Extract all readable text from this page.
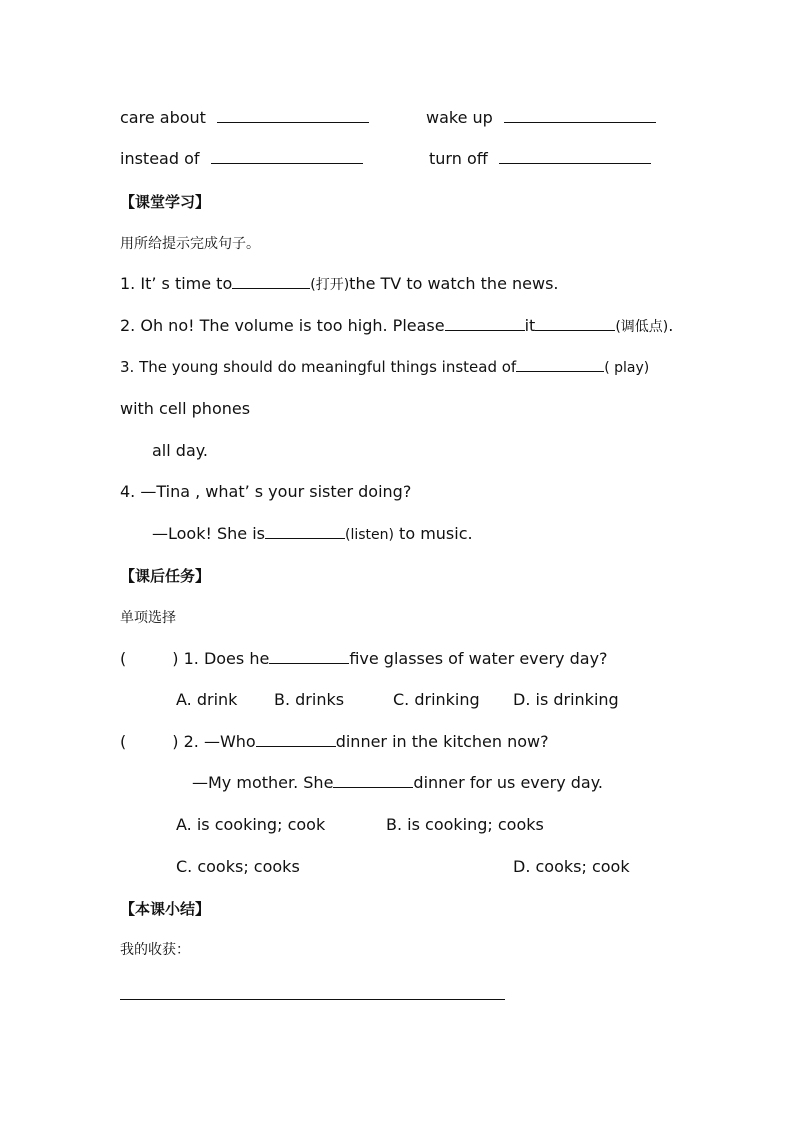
care about	wake up
instead of	turn off
【课堂学习】
用所给提示完成句子。
1. It’ s time to	(打开)the TV to watch the news.
2. Oh no! The volume is too high. Please	it	(调低点).
3. The young should do meaningful things instead of	( play)
with cell phones
all day.
4. —Tina , what’ s your sister doing?
—Look! She is	(listen) to music.
【课后任务】
单项选择
(	) 1. Does he	five glasses of water every day?
A. drink B. drinks	C. drinking D. is drinking
(	) 2. —Who	dinner in the kitchen now?
—My mother. She	dinner for us every day.
A. is cooking; cook	B. is cooking; cooks
C. cooks; cooks	D. cooks; cook
【本课小结】
我的收获：
